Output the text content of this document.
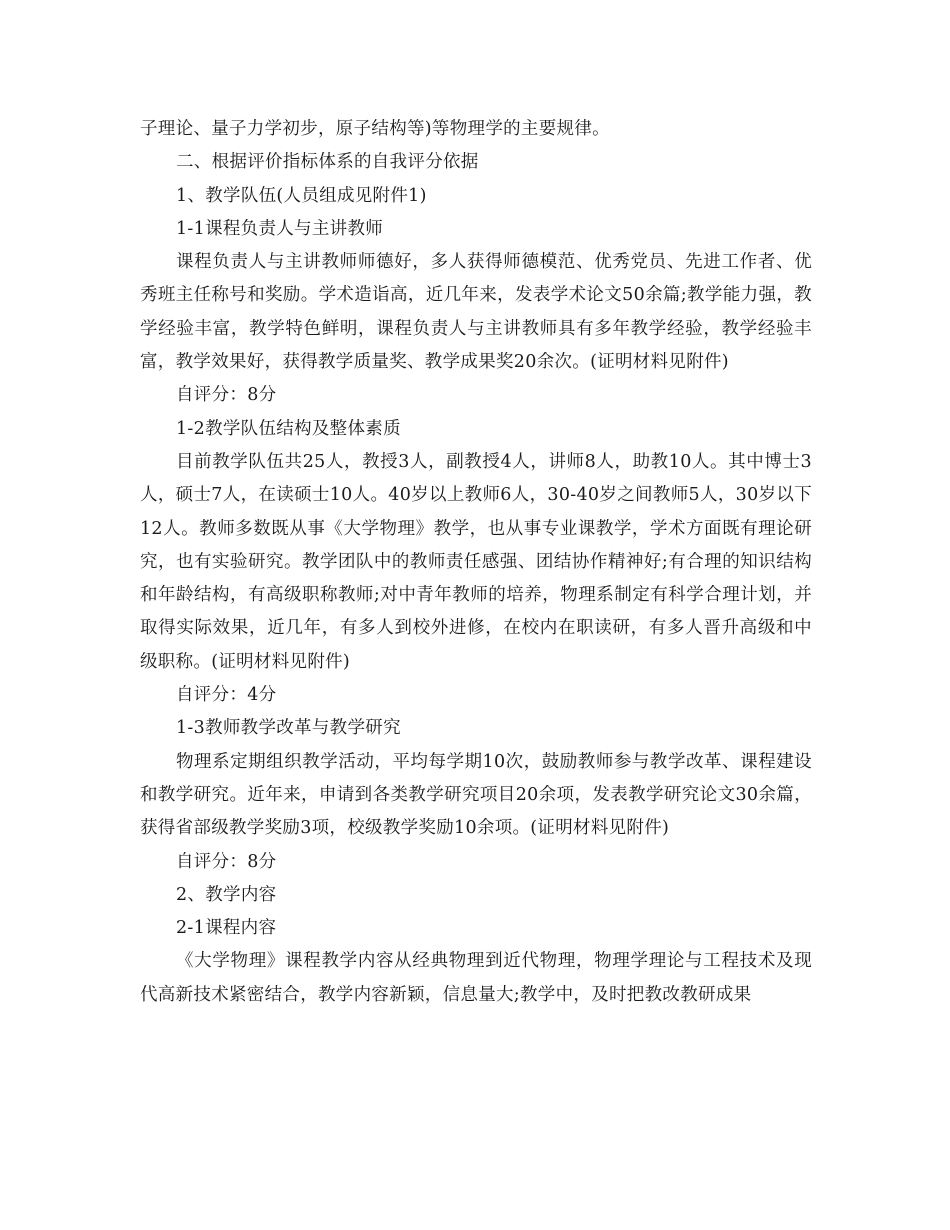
子理论、量子力学初步，原子结构等)等物理学的主要规律。

二、根据评价指标体系的自我评分依据

1、教学队伍(人员组成见附件1)

1-1课程负责人与主讲教师

课程负责人与主讲教师师德好，多人获得师德模范、优秀党员、先进工作者、优秀班主任称号和奖励。学术造诣高，近几年来，发表学术论文50余篇;教学能力强，教学经验丰富，教学特色鲜明，课程负责人与主讲教师具有多年教学经验，教学经验丰富，教学效果好，获得教学质量奖、教学成果奖20余次。(证明材料见附件)

自评分：8分

1-2教学队伍结构及整体素质

目前教学队伍共25人，教授3人，副教授4人，讲师8人，助教10人。其中博士3人，硕士7人，在读硕士10人。40岁以上教师6人，30-40岁之间教师5人，30岁以下12人。教师多数既从事《大学物理》教学，也从事专业课教学，学术方面既有理论研究，也有实验研究。教学团队中的教师责任感强、团结协作精神好;有合理的知识结构和年龄结构，有高级职称教师;对中青年教师的培养，物理系制定有科学合理计划，并取得实际效果，近几年，有多人到校外进修，在校内在职读研，有多人晋升高级和中级职称。(证明材料见附件)

自评分：4分

1-3教师教学改革与教学研究

物理系定期组织教学活动，平均每学期10次，鼓励教师参与教学改革、课程建设和教学研究。近年来，申请到各类教学研究项目20余项，发表教学研究论文30余篇，获得省部级教学奖励3项，校级教学奖励10余项。(证明材料见附件)

自评分：8分

2、教学内容

2-1课程内容

《大学物理》课程教学内容从经典物理到近代物理，物理学理论与工程技术及现代高新技术紧密结合，教学内容新颖，信息量大;教学中，及时把教改教研成果
